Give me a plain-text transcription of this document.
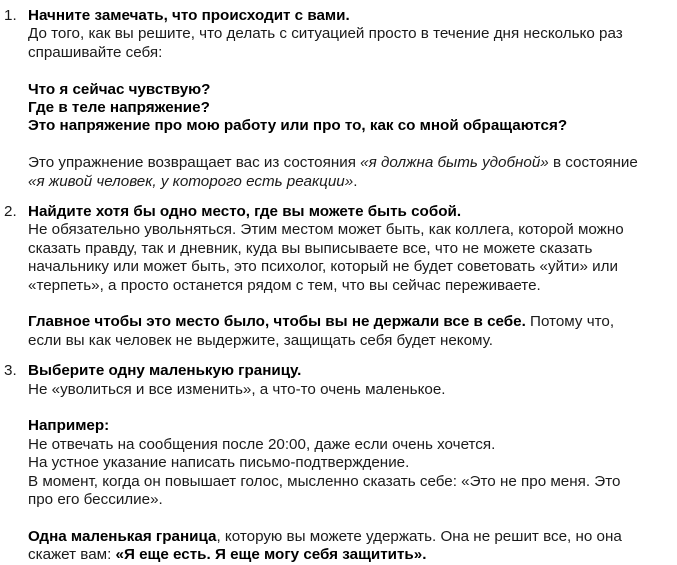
1. Начните замечать, что происходит с вами.
До того, как вы решите, что делать с ситуацией просто в течение дня несколько раз
спрашивайте себя:
Что я сейчас чувствую?
Где в теле напряжение?
Это напряжение про мою работу или про то, как со мной обращаются?
Это упражнение возвращает вас из состояния «я должна быть удобной» в состояние
«я живой человек, у которого есть реакции».
2. Найдите хотя бы одно место, где вы можете быть собой.
Не обязательно увольняться. Этим местом может быть, как коллега, которой можно
сказать правду, так и дневник, куда вы выписываете все, что не можете сказать
начальнику или может быть, это психолог, который не будет советовать «уйти» или
«терпеть», а просто останется рядом с тем, что вы сейчас переживаете.
Главное чтобы это место было, чтобы вы не держали все в себе. Потому что,
если вы как человек не выдержите, защищать себя будет некому.
3. Выберите одну маленькую границу.
Не «уволиться и все изменить», а что-то очень маленькое.
Например:
Не отвечать на сообщения после 20:00, даже если очень хочется.
На устное указание написать письмо-подтверждение.
В момент, когда он повышает голос, мысленно сказать себе: «Это не про меня. Это
про его бессилие».
Одна маленькая граница, которую вы можете удержать. Она не решит все, но она
скажет вам: «Я еще есть. Я еще могу себя защитить».
